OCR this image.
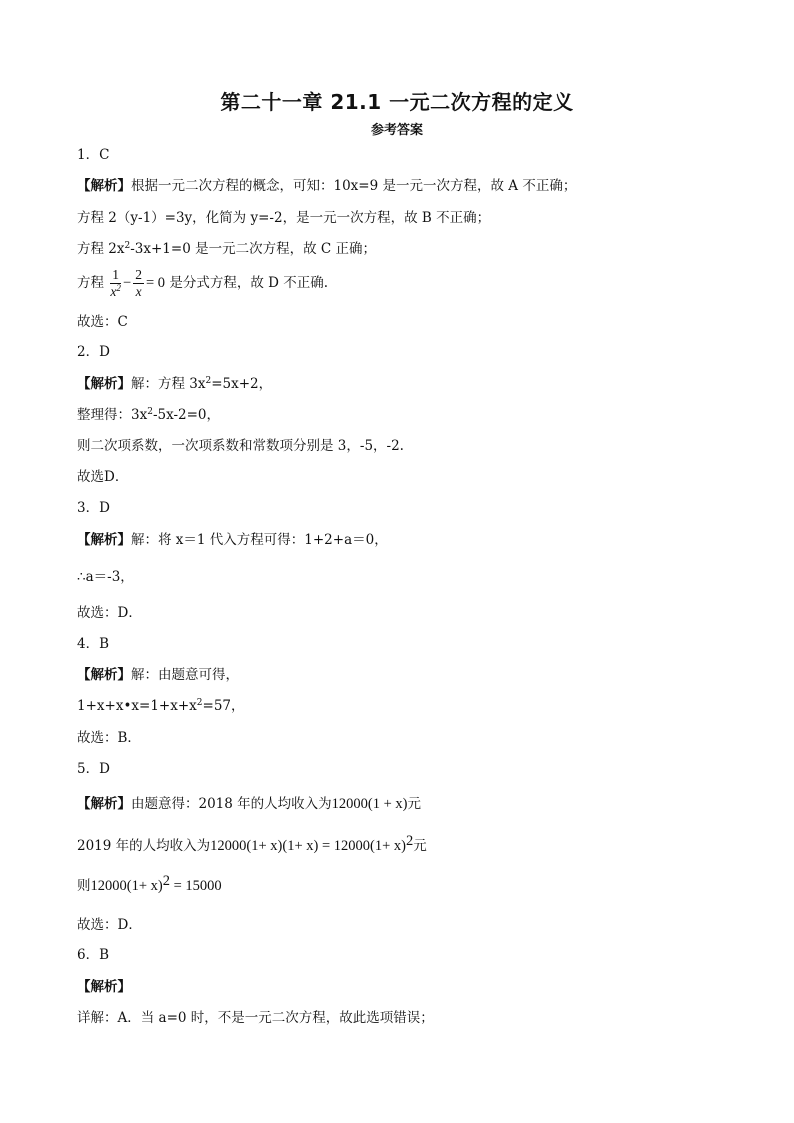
第二十一章 21.1 一元二次方程的定义
参考答案
1．C
【解析】根据一元二次方程的概念，可知：10x=9 是一元一次方程，故 A 不正确；
方程 2（y-1）=3y，化简为 y=-2，是一元一次方程，故 B 不正确；
方程 $2x^2-3x+1=0$ 是一元二次方程，故 C 正确；
方程 $\frac{1}{x^2} - \frac{2}{x} = 0$ 是分式方程，故 D 不正确.
故选：C
2．D
【解析】解：方程 $3x^2=5x+2$，
整理得：$3x^2-5x-2=0$，
则二次项系数，一次项系数和常数项分别是 3，-5，-2.
故选D．
3．D
【解析】解：将 x＝1 代入方程可得：1+2+a＝0，
∴a＝-3，
故选：D．
4．B
【解析】解：由题意可得，
$1+x+x•x=1+x+x^2=57$，
故选：B．
5．D
【解析】由题意得：2018 年的人均收入为12000(1 + x)元
2019 年的人均收入为$12000(1+ x)(1+ x) = 12000(1+ x)^2$元
则$12000(1+ x)^2 = 15000$
故选：D．
6．B
【解析】
详解：A．当 a=0 时，不是一元二次方程，故此选项错误；
